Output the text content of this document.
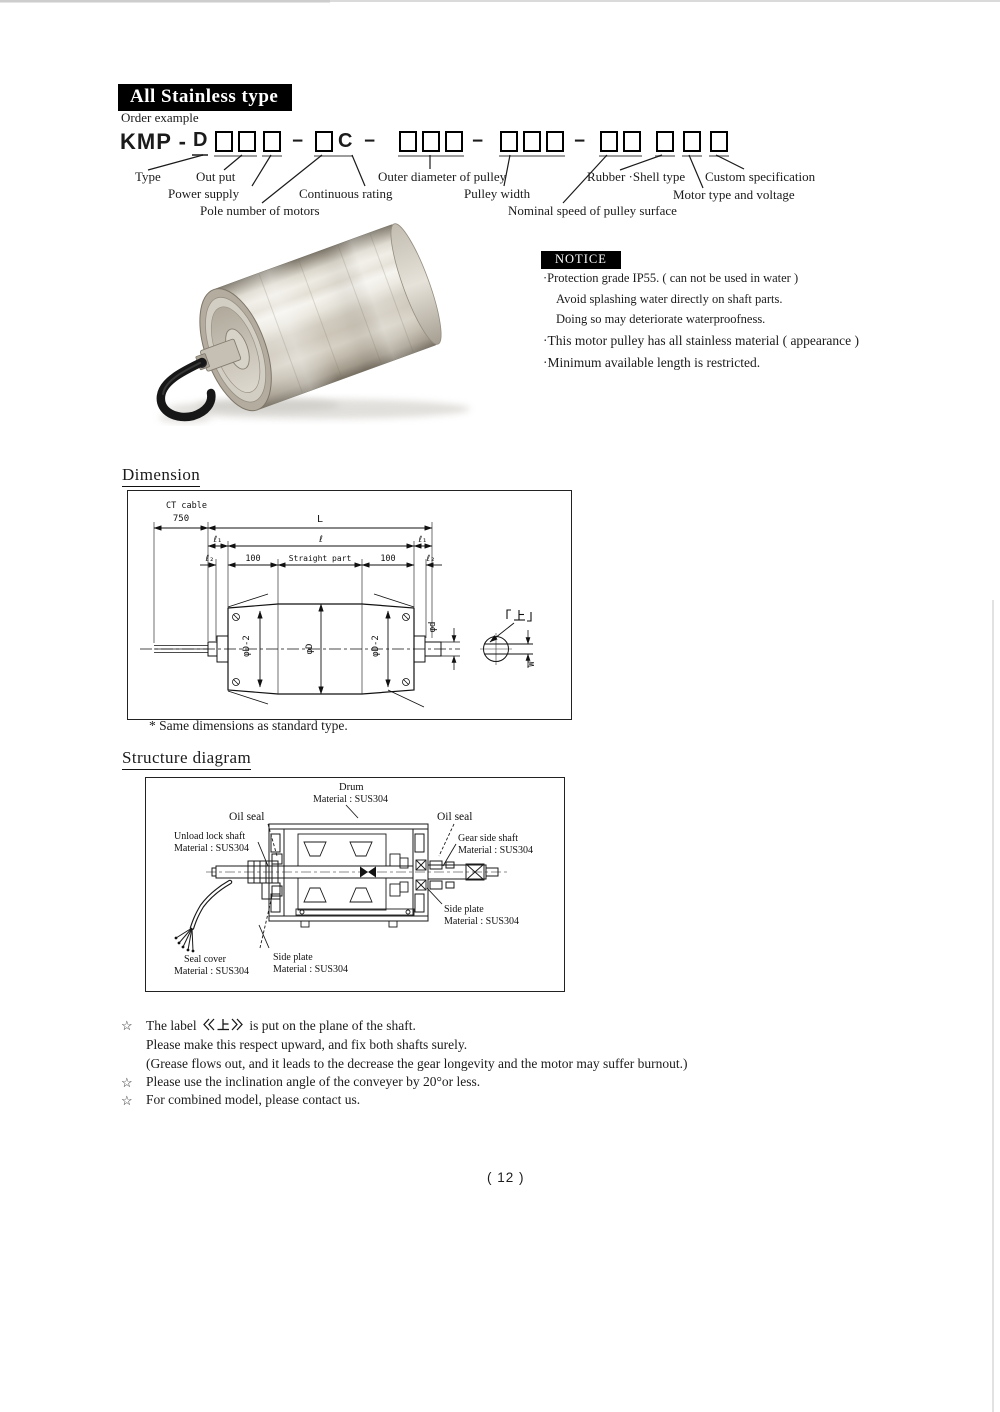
All Stainless type
Order example
KMP - D	− C −	−	−
Type	Out put
Power supply
Pole number of motors
Continuous rating
Outer diameter of pulley
Pulley width
Nominal speed of pulley surface
Rubber ·Shell type Custom specification
Motor type and voltage
NOTICE
·Protection grade IP55. ( can not be used in water )
Avoid splashing water directly on shaft parts.
Doing so may deteriorate waterproofness.
·This motor pulley has all stainless material ( appearance )
·Minimum available length is restricted.
Dimension
CT cable
750	L
ℓ₁	ℓ	ℓ₁
ℓ₂	100	Straight part	100	ℓ₂
φD-2	φD	φD-2
φd
W
* Same dimensions as standard type.
Structure diagram
Drum
Material : SUS304
Oil seal	Oil seal
Unload lock shaft
Material : SUS304
Gear side shaft
Material : SUS304
Side plate
Material : SUS304
Seal cover
Material : SUS304
Side plate
Material : SUS304
☆ The label	is put on the plane of the shaft.
Please make this respect upward, and fix both shafts surely.
(Grease flows out, and it leads to the decrease the gear longevity and the motor may suffer burnout.)
☆ Please use the inclination angle of the conveyer by 20°or less.
☆ For combined model, please contact us.
( 12 )
